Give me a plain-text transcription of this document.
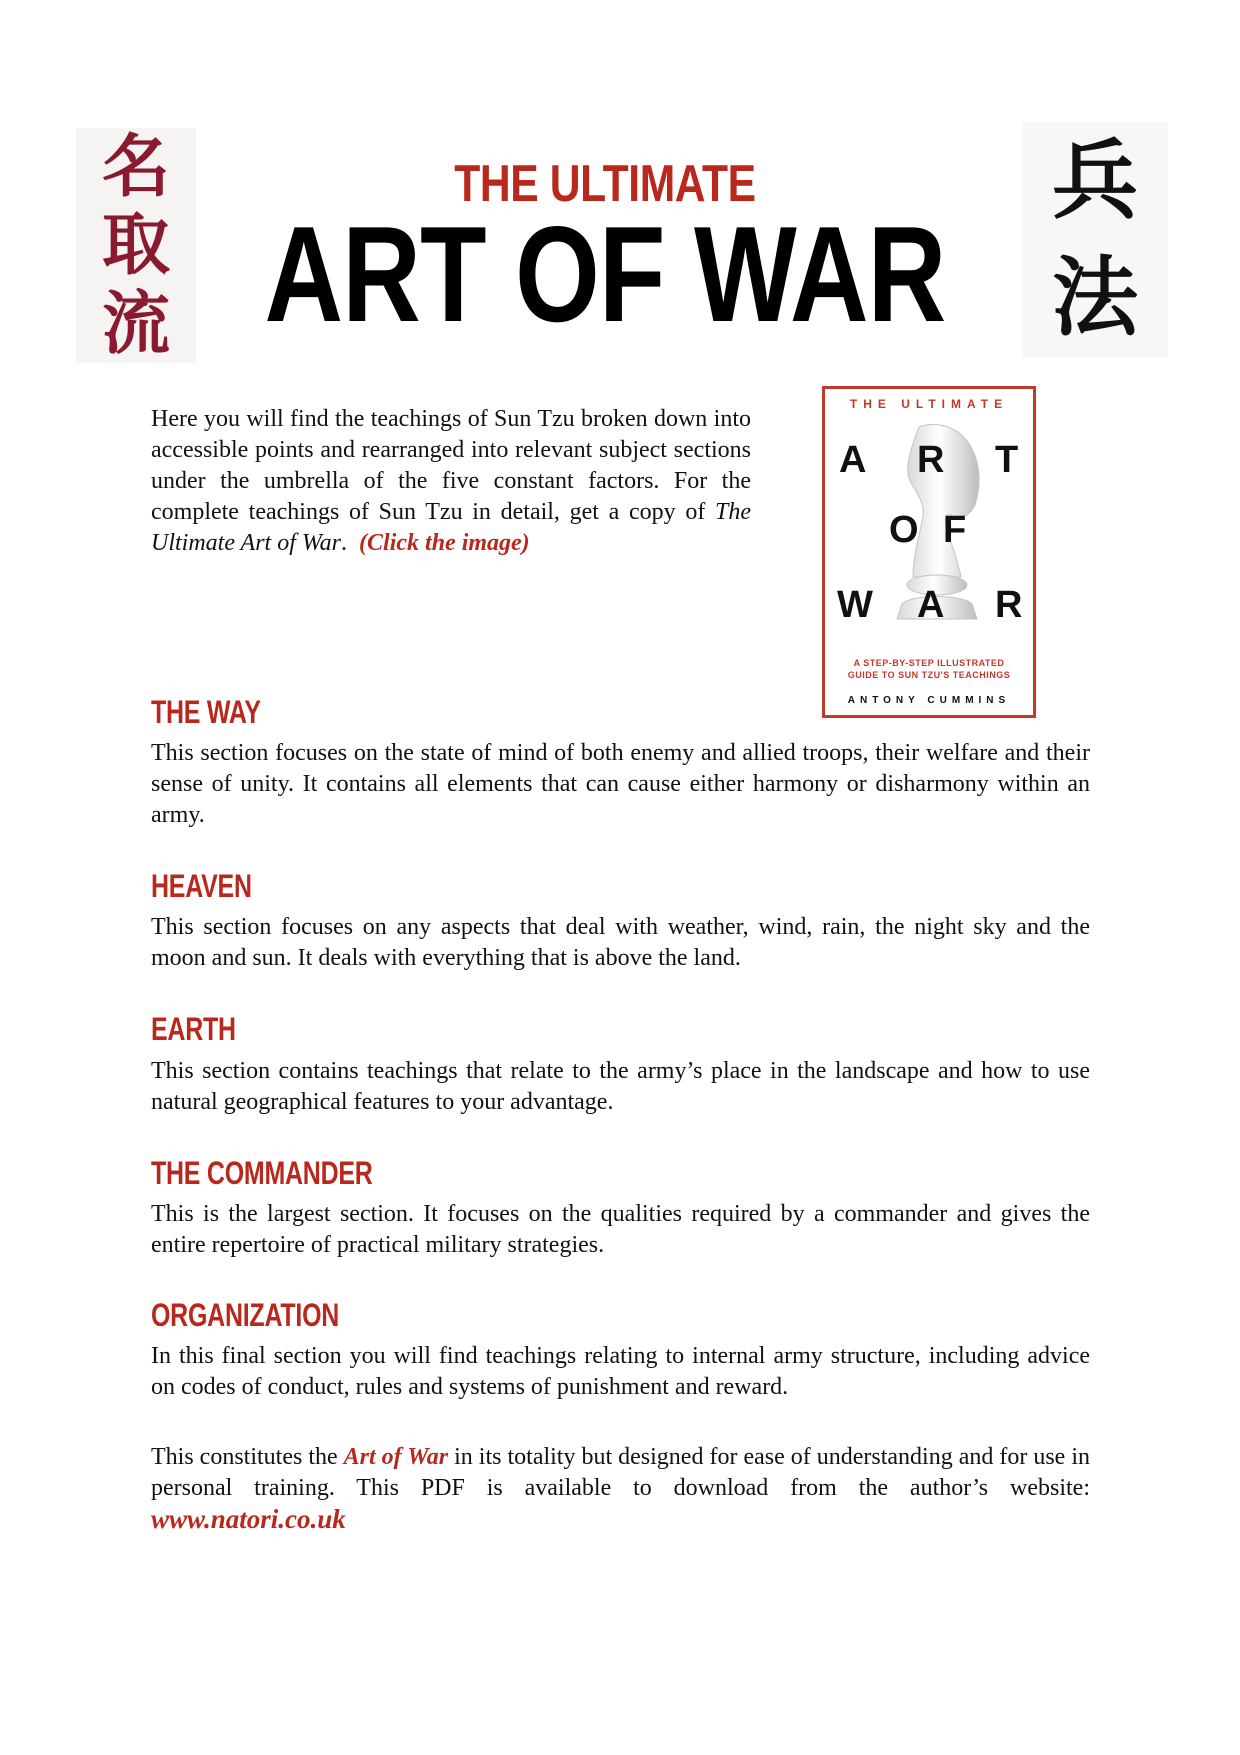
名
取
流
兵
法
THE ULTIMATE
ART OF WAR
Here you will find the teachings of Sun Tzu broken down into accessible points and rearranged into relevant subject sections under the umbrella of the five constant factors. For the complete teachings of Sun Tzu in detail, get a copy of The Ultimate Art of War. (Click the image)
THE ULTIMATE
A R T
O F
W A R
A STEP-BY-STEP ILLUSTRATED
GUIDE TO SUN TZU'S TEACHINGS
ANTONY CUMMINS
THE WAY
This section focuses on the state of mind of both enemy and allied troops, their welfare and their sense of unity. It contains all elements that can cause either harmony or disharmony within an army.
HEAVEN
This section focuses on any aspects that deal with weather, wind, rain, the night sky and the moon and sun. It deals with everything that is above the land.
EARTH
This section contains teachings that relate to the army’s place in the landscape and how to use natural geographical features to your advantage.
THE COMMANDER
This is the largest section. It focuses on the qualities required by a commander and gives the entire repertoire of practical military strategies.
ORGANIZATION
In this final section you will find teachings relating to internal army structure, including advice on codes of conduct, rules and systems of punishment and reward.
This constitutes the Art of War in its totality but designed for ease of understanding and for use in personal training. This PDF is available to download from the author’s website: www.natori.co.uk
